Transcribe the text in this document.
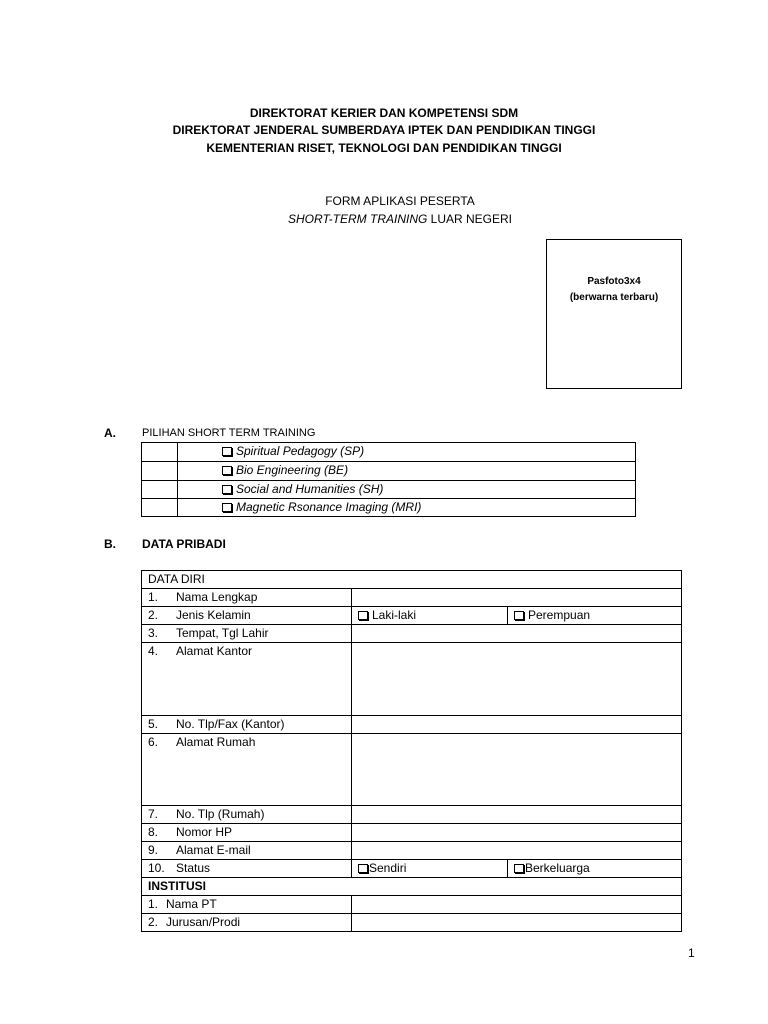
DIREKTORAT KERIER DAN KOMPETENSI SDM
DIREKTORAT JENDERAL SUMBERDAYA IPTEK DAN PENDIDIKAN TINGGI
KEMENTERIAN RISET, TEKNOLOGI DAN PENDIDIKAN TINGGI
FORM APLIKASI PESERTA
SHORT-TERM TRAINING LUAR NEGERI
Pasfoto3x4
(berwarna terbaru)
A. PILIHAN SHORT TERM TRAINING
	Spiritual Pedagogy (SP)
	Bio Engineering (BE)
	Social and Humanities (SH)
	Magnetic Rsonance Imaging (MRI)
B. DATA PRIBADI
DATA DIRI		
1. Nama Lengkap		
2. Jenis Kelamin	Laki-laki	Perempuan
3. Tempat, Tgl Lahir		
4. Alamat Kantor		
5. No. Tlp/Fax (Kantor)		
6. Alamat Rumah		
7. No. Tlp (Rumah)		
8. Nomor HP		
9. Alamat E-mail		
10. Status	Sendiri	Berkeluarga
INSTITUSI		
1. Nama PT		
2. Jurusan/Prodi		
1
